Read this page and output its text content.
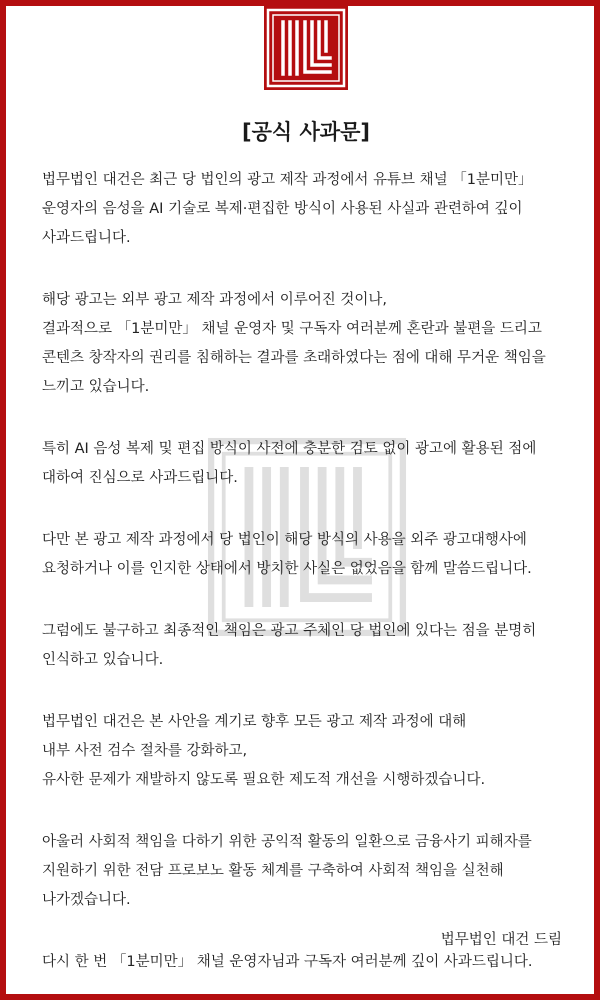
[공식 사과문]
법무법인 대건은 최근 당 법인의 광고 제작 과정에서 유튜브 채널 「1분미만」
운영자의 음성을 AI 기술로 복제·편집한 방식이 사용된 사실과 관련하여 깊이
사과드립니다.
해당 광고는 외부 광고 제작 과정에서 이루어진 것이나,
결과적으로 「1분미만」 채널 운영자 및 구독자 여러분께 혼란과 불편을 드리고
콘텐츠 창작자의 권리를 침해하는 결과를 초래하였다는 점에 대해 무거운 책임을
느끼고 있습니다.
특히 AI 음성 복제 및 편집 방식이 사전에 충분한 검토 없이 광고에 활용된 점에
대하여 진심으로 사과드립니다.
다만 본 광고 제작 과정에서 당 법인이 해당 방식의 사용을 외주 광고대행사에
요청하거나 이를 인지한 상태에서 방치한 사실은 없었음을 함께 말씀드립니다.
그럼에도 불구하고 최종적인 책임은 광고 주체인 당 법인에 있다는 점을 분명히
인식하고 있습니다.
법무법인 대건은 본 사안을 계기로 향후 모든 광고 제작 과정에 대해
내부 사전 검수 절차를 강화하고,
유사한 문제가 재발하지 않도록 필요한 제도적 개선을 시행하겠습니다.
아울러 사회적 책임을 다하기 위한 공익적 활동의 일환으로 금융사기 피해자를
지원하기 위한 전담 프로보노 활동 체계를 구축하여 사회적 책임을 실천해
나가겠습니다.
다시 한 번 「1분미만」 채널 운영자님과 구독자 여러분께 깊이 사과드립니다.
법무법인 대건 드림
